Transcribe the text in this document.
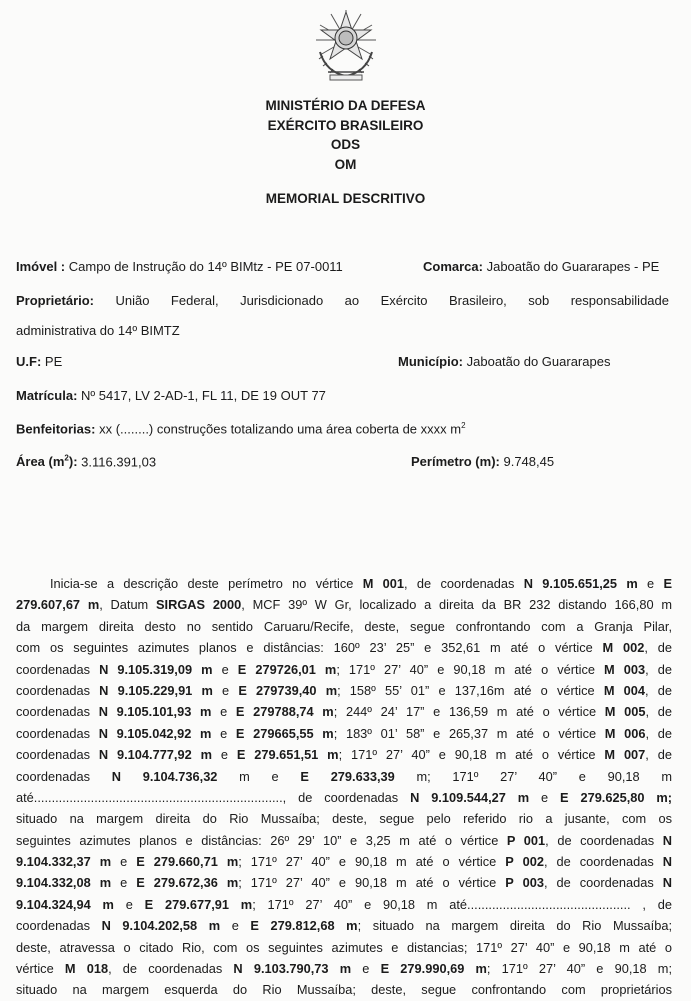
MINISTÉRIO DA DEFESA
EXÉRCITO BRASILEIRO
ODS
OM
MEMORIAL DESCRITIVO
Imóvel : Campo de Instrução do 14º BIMtz - PE 07-0011	Comarca: Jaboatão do Guararapes - PE
Proprietário: União Federal, Jurisdicionado ao Exército Brasileiro, sob responsabilidade
administrativa do 14º BIMTZ
U.F: PE	Município: Jaboatão do Guararapes
Matrícula: Nº 5417, LV 2-AD-1, FL 11, DE 19 OUT 77
Benfeitorias: xx (........) construções totalizando uma área coberta de xxxx $m^2$
Área $(m^2)$: 3.116.391,03	Perímetro (m): 9.748,45
Inicia-se a descrição deste perímetro no vértice M 001, de coordenadas N 9.105.651,25 m e E
279.607,67 m, Datum SIRGAS 2000, MCF 39º W Gr, localizado a direita da BR 232 distando 166,80 m
da margem direita desto no sentido Caruaru/Recife, deste, segue confrontando com a Granja Pilar,
com os seguintes azimutes planos e distâncias: 160º 23’ 25” e 352,61 m até o vértice M 002, de
coordenadas N 9.105.319,09 m e E 279726,01 m; 171º 27’ 40” e 90,18 m até o vértice M 003, de
coordenadas N 9.105.229,91 m e E 279739,40 m; 158º 55’ 01” e 137,16m até o vértice M 004, de
coordenadas N 9.105.101,93 m e E 279788,74 m; 244º 24’ 17” e 136,59 m até o vértice M 005, de
coordenadas N 9.105.042,92 m e E 279665,55 m; 183º 01’ 58” e 265,37 m até o vértice M 006, de
coordenadas N 9.104.777,92 m e E 279.651,51 m; 171º 27’ 40” e 90,18 m até o vértice M 007, de
coordenadas N 9.104.736,32 m e E 279.633,39 m; 171º 27’ 40” e 90,18 m
até......................................................................, de coordenadas N 9.109.544,27 m e E 279.625,80 m;
situado na margem direita do Rio Mussaíba; deste, segue pelo referido rio a jusante, com os
seguintes azimutes planos e distâncias: 26º 29’ 10” e 3,25 m até o vértice P 001, de coordenadas N
9.104.332,37 m e E 279.660,71 m; 171º 27’ 40” e 90,18 m até o vértice P 002, de coordenadas N
9.104.332,08 m e E 279.672,36 m; 171º 27’ 40” e 90,18 m até o vértice P 003, de coordenadas N
9.104.324,94 m e E 279.677,91 m; 171º 27’ 40” e 90,18 m até.............................................. , de
coordenadas N 9.104.202,58 m e E 279.812,68 m; situado na margem direita do Rio Mussaíba;
deste, atravessa o citado Rio, com os seguintes azimutes e distancias; 171º 27’ 40” e 90,18 m até o
vértice M 018, de coordenadas N 9.103.790,73 m e E 279.990,69 m; 171º 27’ 40” e 90,18 m;
situado na margem esquerda do Rio Mussaíba; deste, segue confrontando com proprietários
